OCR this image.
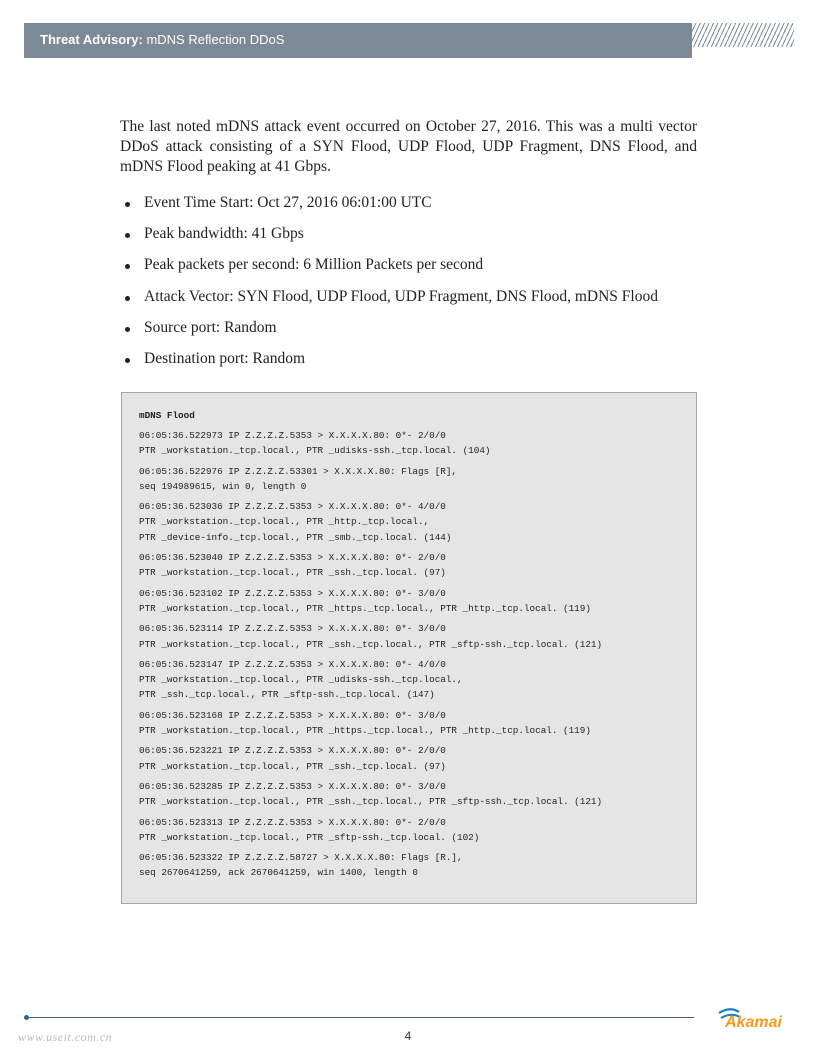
Threat Advisory: mDNS Reflection DDoS

The last noted mDNS attack event occurred on October 27, 2016. This was a multi vector DDoS attack consisting of a SYN Flood, UDP Flood, UDP Fragment, DNS Flood, and mDNS Flood peaking at 41 Gbps.

Event Time Start: Oct 27, 2016 06:01:00 UTC
Peak bandwidth: 41 Gbps
Peak packets per second: 6 Million Packets per second
Attack Vector: SYN Flood, UDP Flood, UDP Fragment, DNS Flood, mDNS Flood
Source port: Random
Destination port: Random
mDNS Flood
06:05:36.522973 IP Z.Z.Z.Z.5353 > X.X.X.X.80: 0*- 2/0/0
PTR _workstation._tcp.local., PTR _udisks-ssh._tcp.local. (104)
06:05:36.522976 IP Z.Z.Z.Z.53301 > X.X.X.X.80: Flags [R],
seq 194989615, win 0, length 0
06:05:36.523036 IP Z.Z.Z.Z.5353 > X.X.X.X.80: 0*- 4/0/0
PTR _workstation._tcp.local., PTR _http._tcp.local.,
PTR _device-info._tcp.local., PTR _smb._tcp.local. (144)
06:05:36.523040 IP Z.Z.Z.Z.5353 > X.X.X.X.80: 0*- 2/0/0
PTR _workstation._tcp.local., PTR _ssh._tcp.local. (97)
06:05:36.523102 IP Z.Z.Z.Z.5353 > X.X.X.X.80: 0*- 3/0/0
PTR _workstation._tcp.local., PTR _https._tcp.local., PTR _http._tcp.local. (119)
06:05:36.523114 IP Z.Z.Z.Z.5353 > X.X.X.X.80: 0*- 3/0/0
PTR _workstation._tcp.local., PTR _ssh._tcp.local., PTR _sftp-ssh._tcp.local. (121)
06:05:36.523147 IP Z.Z.Z.Z.5353 > X.X.X.X.80: 0*- 4/0/0
PTR _workstation._tcp.local., PTR _udisks-ssh._tcp.local.,
PTR _ssh._tcp.local., PTR _sftp-ssh._tcp.local. (147)
06:05:36.523168 IP Z.Z.Z.Z.5353 > X.X.X.X.80: 0*- 3/0/0
PTR _workstation._tcp.local., PTR _https._tcp.local., PTR _http._tcp.local. (119)
06:05:36.523221 IP Z.Z.Z.Z.5353 > X.X.X.X.80: 0*- 2/0/0
PTR _workstation._tcp.local., PTR _ssh._tcp.local. (97)
06:05:36.523285 IP Z.Z.Z.Z.5353 > X.X.X.X.80: 0*- 3/0/0
PTR _workstation._tcp.local., PTR _ssh._tcp.local., PTR _sftp-ssh._tcp.local. (121)
06:05:36.523313 IP Z.Z.Z.Z.5353 > X.X.X.X.80: 0*- 2/0/0
PTR _workstation._tcp.local., PTR _sftp-ssh._tcp.local. (102)
06:05:36.523322 IP Z.Z.Z.Z.58727 > X.X.X.X.80: Flags [R.],
seq 2670641259, ack 2670641259, win 1400, length 0
www.useit.com.cn	4
Akamai
